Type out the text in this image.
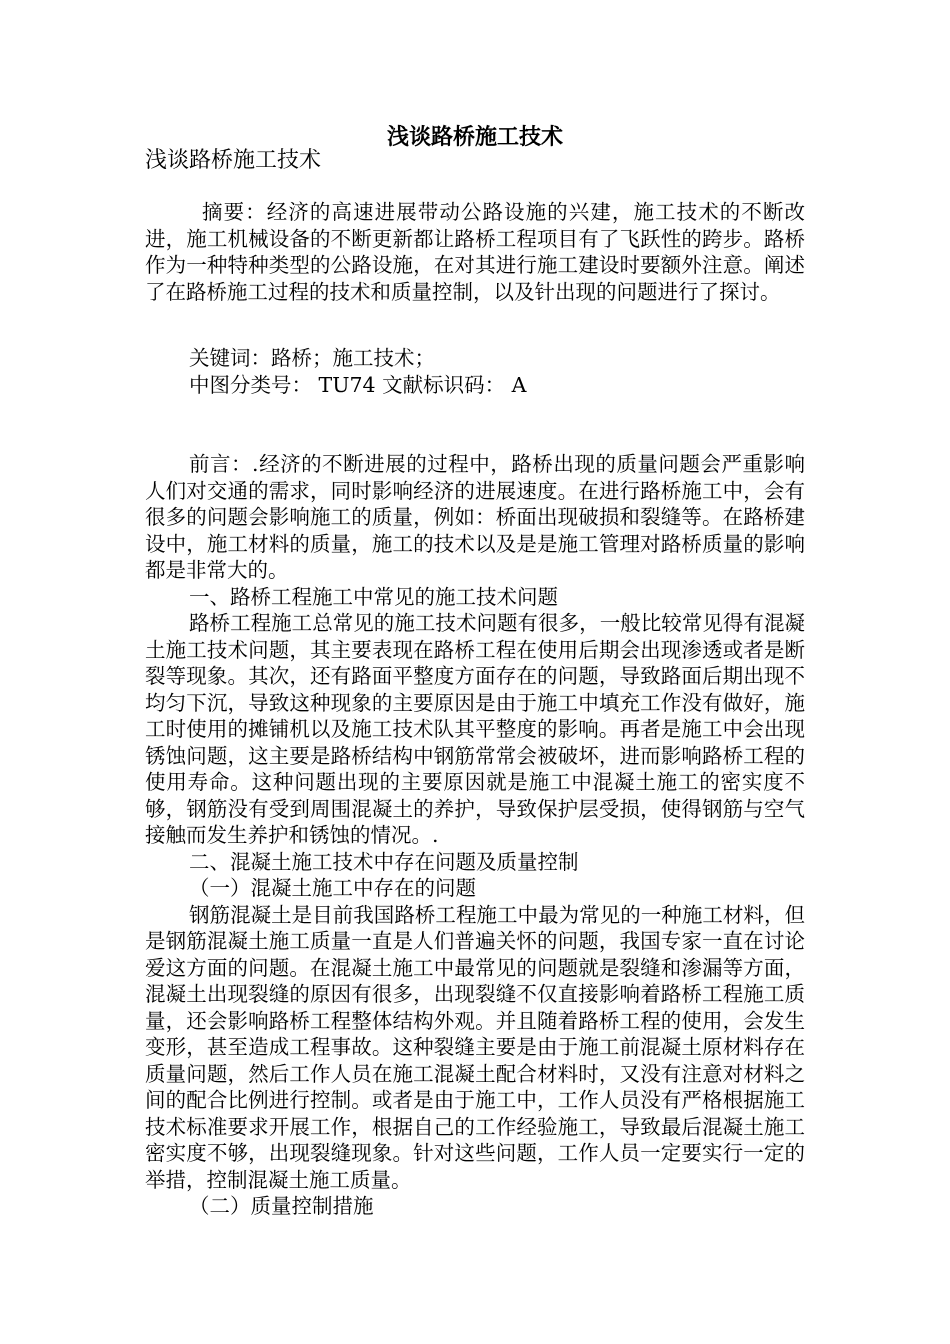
浅谈路桥施工技术
浅谈路桥施工技术

摘要：经济的高速进展带动公路设施的兴建，施工技术的不断改进，施工机械设备的不断更新都让路桥工程项目有了飞跃性的跨步。路桥作为一种特种类型的公路设施，在对其进行施工建设时要额外注意。阐述了在路桥施工过程的技术和质量控制，以及针出现的问题进行了探讨。

关键词：路桥；施工技术；
中图分类号： TU74 文献标识码： A

前言：.经济的不断进展的过程中，路桥出现的质量问题会严重影响人们对交通的需求，同时影响经济的进展速度。在进行路桥施工中，会有很多的问题会影响施工的质量，例如：桥面出现破损和裂缝等。在路桥建设中，施工材料的质量，施工的技术以及是是施工管理对路桥质量的影响都是非常大的。

一、路桥工程施工中常见的施工技术问题

路桥工程施工总常见的施工技术问题有很多，一般比较常见得有混凝土施工技术问题，其主要表现在路桥工程在使用后期会出现渗透或者是断裂等现象。其次，还有路面平整度方面存在的问题，导致路面后期出现不均匀下沉，导致这种现象的主要原因是由于施工中填充工作没有做好，施工时使用的摊铺机以及施工技术队其平整度的影响。再者是施工中会出现锈蚀问题，这主要是路桥结构中钢筋常常会被破坏，进而影响路桥工程的使用寿命。这种问题出现的主要原因就是施工中混凝土施工的密实度不够，钢筋没有受到周围混凝土的养护，导致保护层受损，使得钢筋与空气接触而发生养护和锈蚀的情况。.

二、混凝土施工技术中存在问题及质量控制

（一）混凝土施工中存在的问题

钢筋混凝土是目前我国路桥工程施工中最为常见的一种施工材料，但是钢筋混凝土施工质量一直是人们普遍关怀的问题，我国专家一直在讨论爱这方面的问题。在混凝土施工中最常见的问题就是裂缝和渗漏等方面，混凝土出现裂缝的原因有很多，出现裂缝不仅直接影响着路桥工程施工质量，还会影响路桥工程整体结构外观。并且随着路桥工程的使用，会发生变形，甚至造成工程事故。这种裂缝主要是由于施工前混凝土原材料存在质量问题，然后工作人员在施工混凝土配合材料时，又没有注意对材料之间的配合比例进行控制。或者是由于施工中，工作人员没有严格根据施工技术标准要求开展工作，根据自己的工作经验施工，导致最后混凝土施工密实度不够，出现裂缝现象。针对这些问题，工作人员一定要实行一定的举措，控制混凝土施工质量。

（二）质量控制措施
